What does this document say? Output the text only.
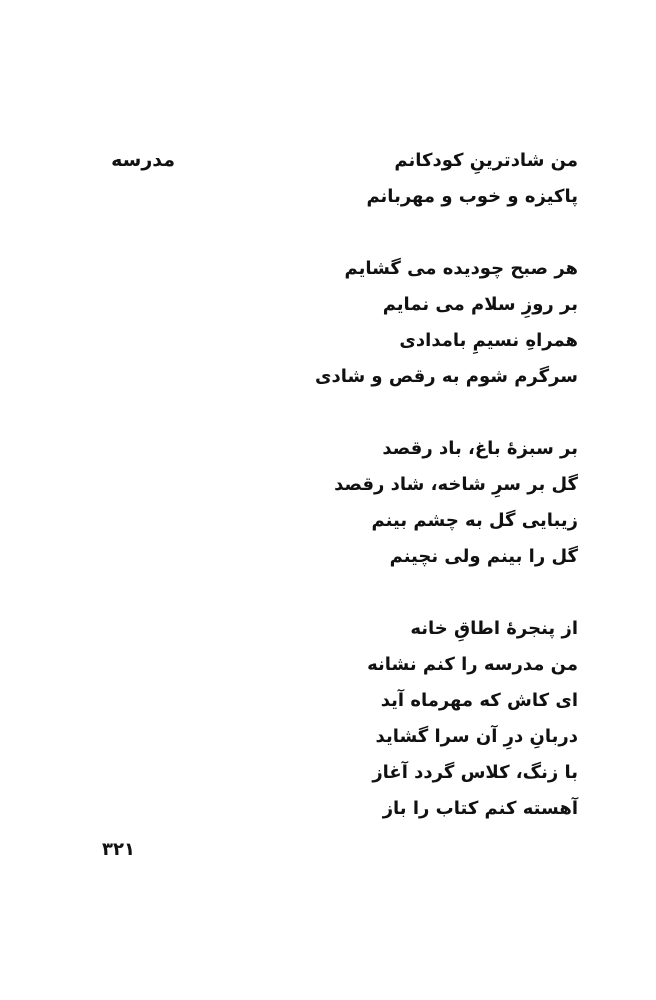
مدرسه	من شادترینِ کودکانم
پاکیزه و خوب و مهربانم
هر صبح چودیده می گشایم
بر روزِ سلام می نمایم
همراهِ نسیمِ بامدادی
سرگرم شوم به رقص و شادی
بر سبزهٔ باغ، باد رقصد
گل بر سرِ شاخه، شاد رقصد
زیبایی گل به چشم بینم
گل را بینم ولی نچینم
از پنجرهٔ اطاقِ خانه
من مدرسه را کنم نشانه
ای کاش که مهرماه آید
دربانِ درِ آن سرا گشاید
با زنگ، کلاس گردد آغاز
آهسته کنم کتاب را باز
۳۲۱
